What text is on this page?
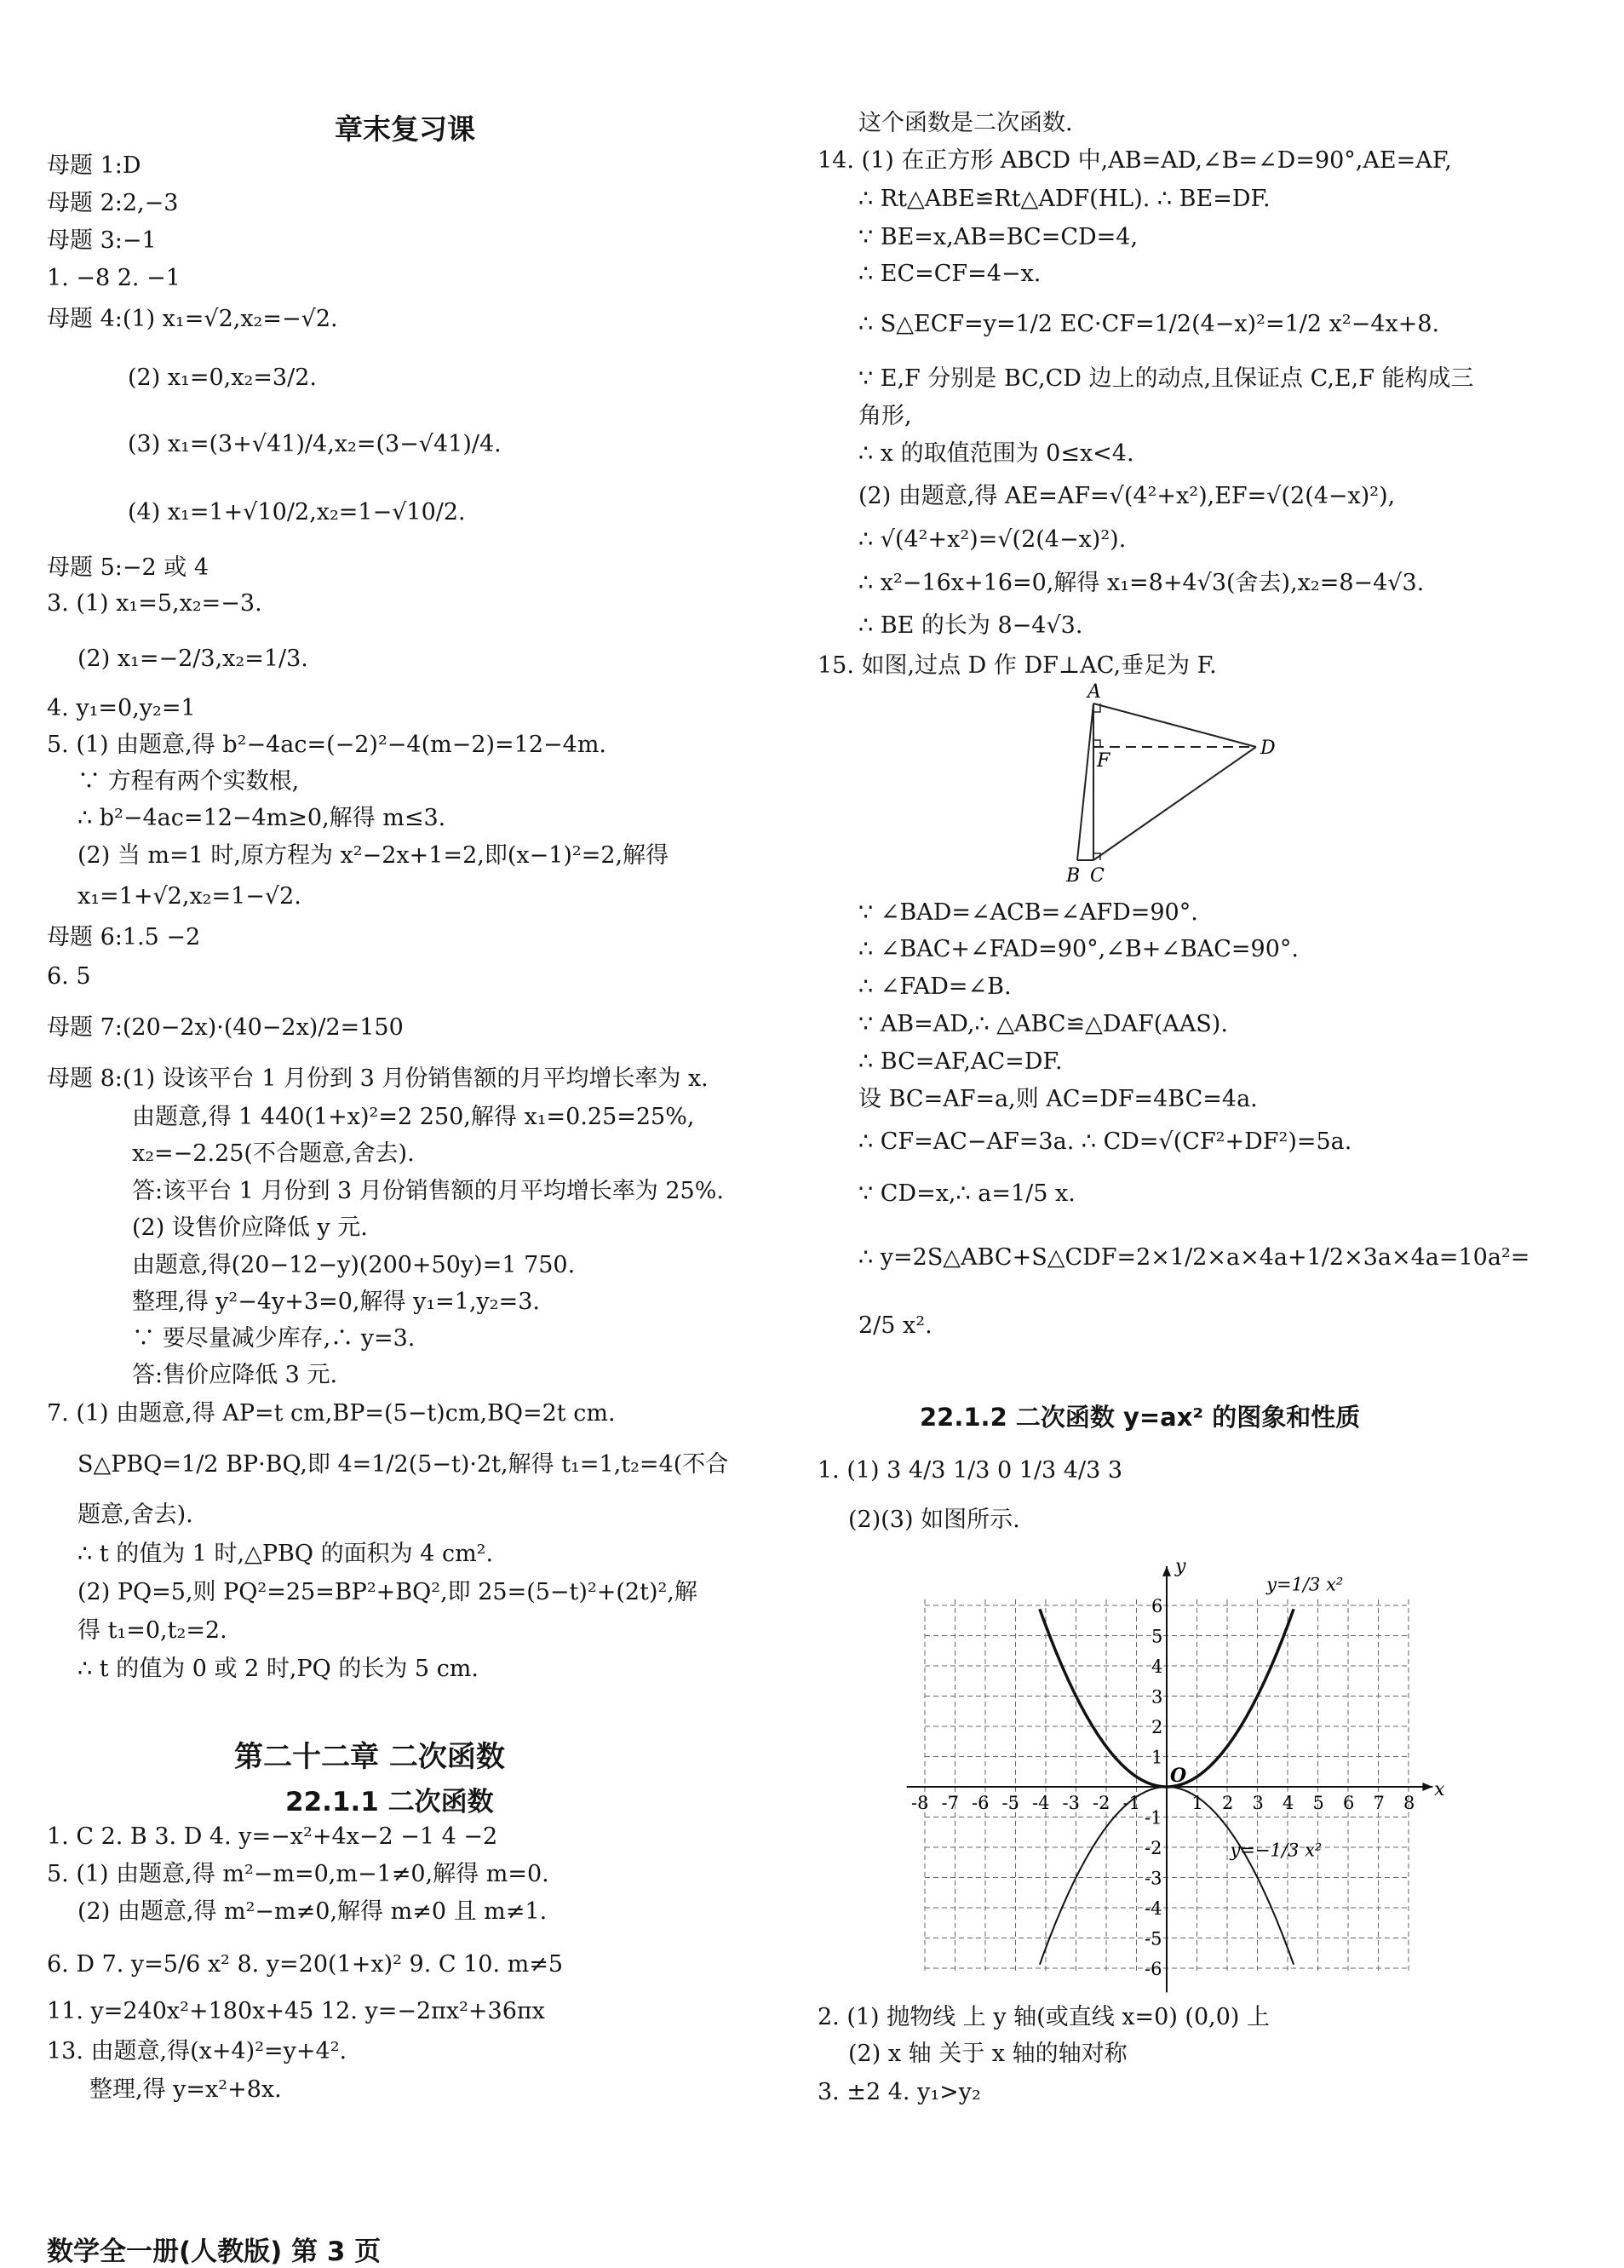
章末复习课
母题 1:D
母题 2:2,−3
母题 3:−1
1. −8 2. −1
母题 4:(1) x₁=√2,x₂=−√2.
(2) x₁=0,x₂=3/2.
(3) x₁=(3+√41)/4,x₂=(3−√41)/4.
(4) x₁=1+√10/2,x₂=1−√10/2.
母题 5:−2 或 4
3. (1) x₁=5,x₂=−3.
(2) x₁=−2/3,x₂=1/3.
4. y₁=0,y₂=1
5. (1) 由题意,得 b²−4ac=(−2)²−4(m−2)=12−4m.
∵ 方程有两个实数根,
∴ b²−4ac=12−4m≥0,解得 m≤3.
(2) 当 m=1 时,原方程为 x²−2x+1=2,即(x−1)²=2,解得
x₁=1+√2,x₂=1−√2.
母题 6:1.5 −2
6. 5
母题 7:(20−2x)·(40−2x)/2=150
母题 8:(1) 设该平台 1 月份到 3 月份销售额的月平均增长率为 x.
由题意,得 1 440(1+x)²=2 250,解得 x₁=0.25=25%,
x₂=−2.25(不合题意,舍去).
答:该平台 1 月份到 3 月份销售额的月平均增长率为 25%.
(2) 设售价应降低 y 元.
由题意,得(20−12−y)(200+50y)=1 750.
整理,得 y²−4y+3=0,解得 y₁=1,y₂=3.
∵ 要尽量减少库存,∴ y=3.
答:售价应降低 3 元.
7. (1) 由题意,得 AP=t cm,BP=(5−t)cm,BQ=2t cm.
S△PBQ=1/2 BP·BQ,即 4=1/2(5−t)·2t,解得 t₁=1,t₂=4(不合
题意,舍去).
∴ t 的值为 1 时,△PBQ 的面积为 4 cm².
(2) PQ=5,则 PQ²=25=BP²+BQ²,即 25=(5−t)²+(2t)²,解
得 t₁=0,t₂=2.
∴ t 的值为 0 或 2 时,PQ 的长为 5 cm.
第二十二章 二次函数
22.1.1 二次函数
1. C 2. B 3. D 4. y=−x²+4x−2 −1 4 −2
5. (1) 由题意,得 m²−m=0,m−1≠0,解得 m=0.
(2) 由题意,得 m²−m≠0,解得 m≠0 且 m≠1.
6. D 7. y=5/6 x² 8. y=20(1+x)² 9. C 10. m≠5
11. y=240x²+180x+45 12. y=−2πx²+36πx
13. 由题意,得(x+4)²=y+4².
整理,得 y=x²+8x.
数学全一册(人教版) 第 3 页
这个函数是二次函数.
14. (1) 在正方形 ABCD 中,AB=AD,∠B=∠D=90°,AE=AF,
∴ Rt△ABE≌Rt△ADF(HL). ∴ BE=DF.
∵ BE=x,AB=BC=CD=4,
∴ EC=CF=4−x.
∴ S△ECF=y=1/2 EC·CF=1/2(4−x)²=1/2 x²−4x+8.
∵ E,F 分别是 BC,CD 边上的动点,且保证点 C,E,F 能构成三
角形,
∴ x 的取值范围为 0≤x<4.
(2) 由题意,得 AE=AF=√(4²+x²),EF=√(2(4−x)²),
∴ √(4²+x²)=√(2(4−x)²).
∴ x²−16x+16=0,解得 x₁=8+4√3(舍去),x₂=8−4√3.
∴ BE 的长为 8−4√3.
15. 如图,过点 D 作 DF⊥AC,垂足为 F.
A
D
F
B C
∵ ∠BAD=∠ACB=∠AFD=90°.
∴ ∠BAC+∠FAD=90°,∠B+∠BAC=90°.
∴ ∠FAD=∠B.
∵ AB=AD,∴ △ABC≌△DAF(AAS).
∴ BC=AF,AC=DF.
设 BC=AF=a,则 AC=DF=4BC=4a.
∴ CF=AC−AF=3a. ∴ CD=√(CF²+DF²)=5a.
∵ CD=x,∴ a=1/5 x.
∴ y=2S△ABC+S△CDF=2×1/2×a×4a+1/2×3a×4a=10a²=
2/5 x².
22.1.2 二次函数 y=ax² 的图象和性质
1. (1) 3 4/3 1/3 0 1/3 4/3 3
(2)(3) 如图所示.
x
y
O
-8 -7 -6 -5 -4 -3 -2 -1	1 2 3 4 5 6 7 8
6
5
4
3
2
1
-1
-2
-3
-4
-5
-6
y=1/3 x²
y=−1/3 x²
2. (1) 抛物线 上 y 轴(或直线 x=0) (0,0) 上
(2) x 轴 关于 x 轴的轴对称
3. ±2 4. y₁>y₂
